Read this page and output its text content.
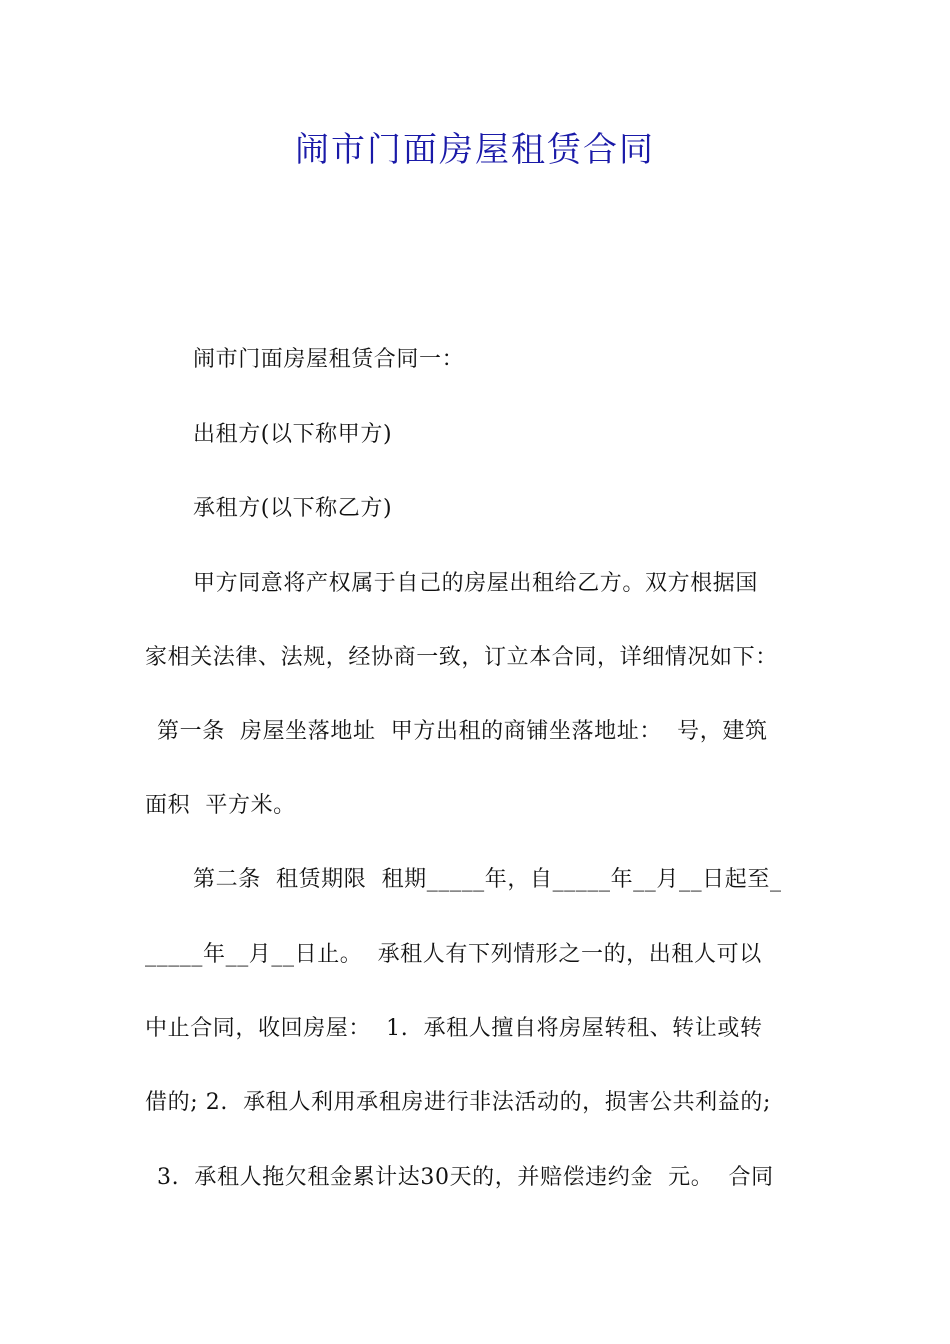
闹市门面房屋租赁合同
闹市门面房屋租赁合同一：
出租方(以下称甲方)
承租方(以下称乙方)
甲方同意将产权属于自己的房屋出租给乙方。双方根据国
家相关法律、法规，经协商一致，订立本合同，详细情况如下：
第一条  房屋坐落地址  甲方出租的商铺坐落地址：  号，建筑
面积  平方米。
第二条  租赁期限  租期_____年，自_____年__月__日起至_
_____年__月__日止。  承租人有下列情形之一的，出租人可以
中止合同，收回房屋：  1.  承租人擅自将房屋转租、转让或转
借的; 2.  承租人利用承租房进行非法活动的，损害公共利益的;
3.  承租人拖欠租金累计达30天的，并赔偿违约金  元。  合同
